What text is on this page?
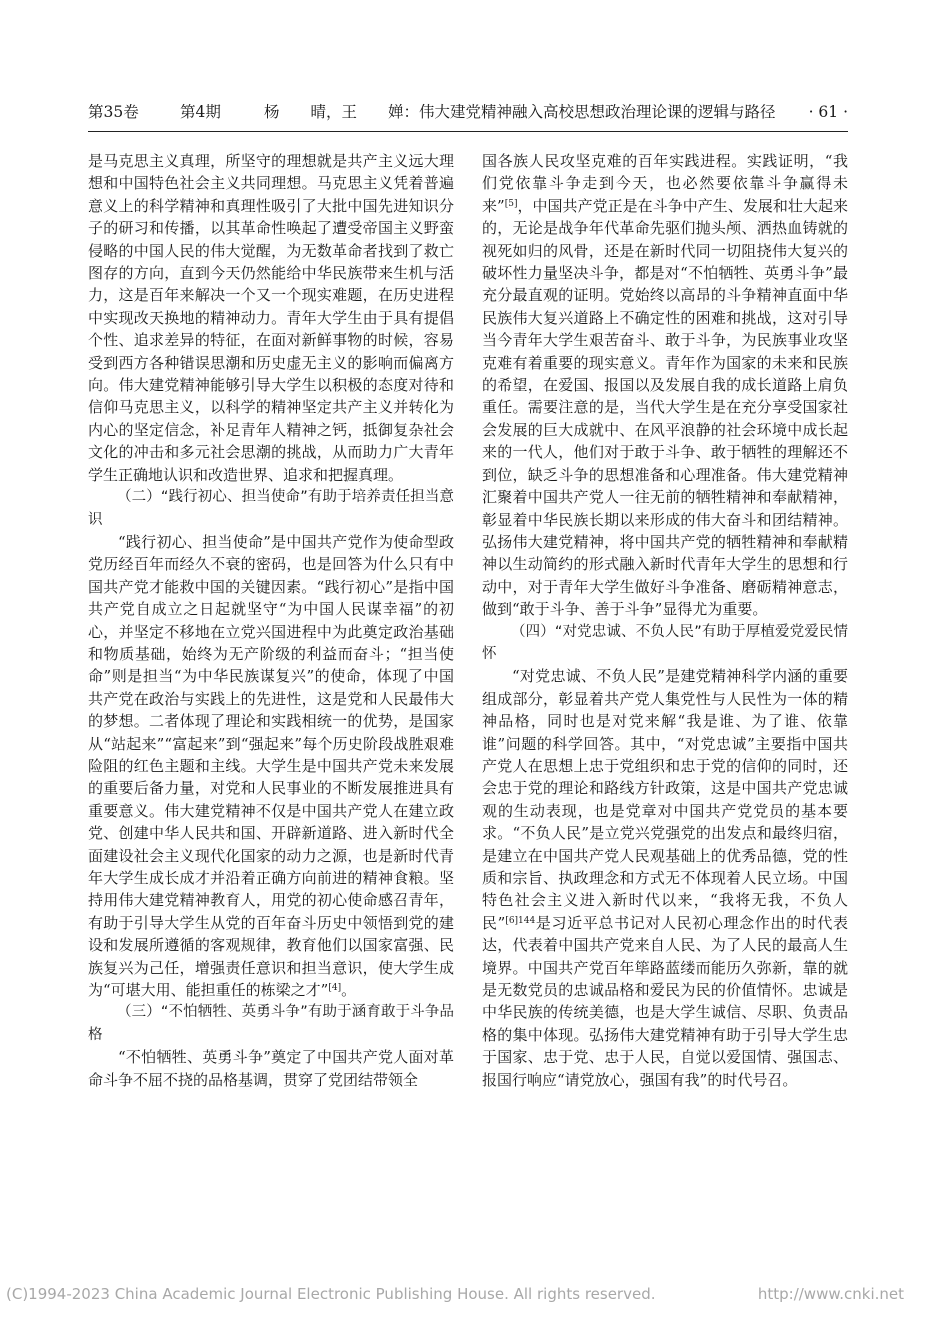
第35卷	第4期	杨　　晴，王　　婵：伟大建党精神融入高校思想政治理论课的逻辑与路径 · 61 ·

是马克思主义真理，所坚守的理想就是共产主义远大理想和中国特色社会主义共同理想。马克思主义凭着普遍意义上的科学精神和真理性吸引了大批中国先进知识分子的研习和传播，以其革命性唤起了遭受帝国主义野蛮侵略的中国人民的伟大觉醒，为无数革命者找到了救亡图存的方向，直到今天仍然能给中华民族带来生机与活力，这是百年来解决一个又一个现实难题，在历史进程中实现改天换地的精神动力。青年大学生由于具有提倡个性、追求差异的特征，在面对新鲜事物的时候，容易受到西方各种错误思潮和历史虚无主义的影响而偏离方向。伟大建党精神能够引导大学生以积极的态度对待和信仰马克思主义，以科学的精神坚定共产主义并转化为内心的坚定信念，补足青年人精神之钙，抵御复杂社会文化的冲击和多元社会思潮的挑战，从而助力广大青年学生正确地认识和改造世界、追求和把握真理。

（二）“践行初心、担当使命”有助于培养责任担当意识

“践行初心、担当使命”是中国共产党作为使命型政党历经百年而经久不衰的密码，也是回答为什么只有中国共产党才能救中国的关键因素。“践行初心”是指中国共产党自成立之日起就坚守“为中国人民谋幸福”的初心，并坚定不移地在立党兴国进程中为此奠定政治基础和物质基础，始终为无产阶级的利益而奋斗；“担当使命”则是担当“为中华民族谋复兴”的使命，体现了中国共产党在政治与实践上的先进性，这是党和人民最伟大的梦想。二者体现了理论和实践相统一的优势，是国家从“站起来”“富起来”到“强起来”每个历史阶段战胜艰难险阻的红色主题和主线。大学生是中国共产党未来发展的重要后备力量，对党和人民事业的不断发展推进具有重要意义。伟大建党精神不仅是中国共产党人在建立政党、创建中华人民共和国、开辟新道路、进入新时代全面建设社会主义现代化国家的动力之源，也是新时代青年大学生成长成才并沿着正确方向前进的精神食粮。坚持用伟大建党精神教育人，用党的初心使命感召青年，有助于引导大学生从党的百年奋斗历史中领悟到党的建设和发展所遵循的客观规律，教育他们以国家富强、民族复兴为己任，增强责任意识和担当意识，使大学生成为“可堪大用、能担重任的栋梁之才”[4]。

（三）“不怕牺牲、英勇斗争”有助于涵育敢于斗争品格

“不怕牺牲、英勇斗争”奠定了中国共产党人面对革命斗争不屈不挠的品格基调，贯穿了党团结带领全

国各族人民攻坚克难的百年实践进程。实践证明，“我们党依靠斗争走到今天，也必然要依靠斗争赢得未来”[5]，中国共产党正是在斗争中产生、发展和壮大起来的，无论是战争年代革命先驱们抛头颅、洒热血铸就的视死如归的风骨，还是在新时代同一切阻挠伟大复兴的破坏性力量坚决斗争，都是对“不怕牺牲、英勇斗争”最充分最直观的证明。党始终以高昂的斗争精神直面中华民族伟大复兴道路上不确定性的困难和挑战，这对引导当今青年大学生艰苦奋斗、敢于斗争，为民族事业攻坚克难有着重要的现实意义。青年作为国家的未来和民族的希望，在爱国、报国以及发展自我的成长道路上肩负重任。需要注意的是，当代大学生是在充分享受国家社会发展的巨大成就中、在风平浪静的社会环境中成长起来的一代人，他们对于敢于斗争、敢于牺牲的理解还不到位，缺乏斗争的思想准备和心理准备。伟大建党精神汇聚着中国共产党人一往无前的牺牲精神和奉献精神，彰显着中华民族长期以来形成的伟大奋斗和团结精神。弘扬伟大建党精神，将中国共产党的牺牲精神和奉献精神以生动简约的形式融入新时代青年大学生的思想和行动中，对于青年大学生做好斗争准备、磨砺精神意志，做到“敢于斗争、善于斗争”显得尤为重要。

（四）“对党忠诚、不负人民”有助于厚植爱党爱民情怀

“对党忠诚、不负人民”是建党精神科学内涵的重要组成部分，彰显着共产党人集党性与人民性为一体的精神品格，同时也是对党来解“我是谁、为了谁、依靠谁”问题的科学回答。其中，“对党忠诚”主要指中国共产党人在思想上忠于党组织和忠于党的信仰的同时，还会忠于党的理论和路线方针政策，这是中国共产党忠诚观的生动表现，也是党章对中国共产党党员的基本要求。“不负人民”是立党兴党强党的出发点和最终归宿，是建立在中国共产党人民观基础上的优秀品德，党的性质和宗旨、执政理念和方式无不体现着人民立场。中国特色社会主义进入新时代以来，“我将无我，不负人民”$^{[6]144}$是习近平总书记对人民初心理念作出的时代表达，代表着中国共产党来自人民、为了人民的最高人生境界。中国共产党百年筚路蓝缕而能历久弥新，靠的就是无数党员的忠诚品格和爱民为民的价值情怀。忠诚是中华民族的传统美德，也是大学生诚信、尽职、负责品格的集中体现。弘扬伟大建党精神有助于引导大学生忠于国家、忠于党、忠于人民，自觉以爱国情、强国志、报国行响应“请党放心，强国有我”的时代号召。

(C)1994-2023 China Academic Journal Electronic Publishing House. All rights reserved.	http://www.cnki.net
